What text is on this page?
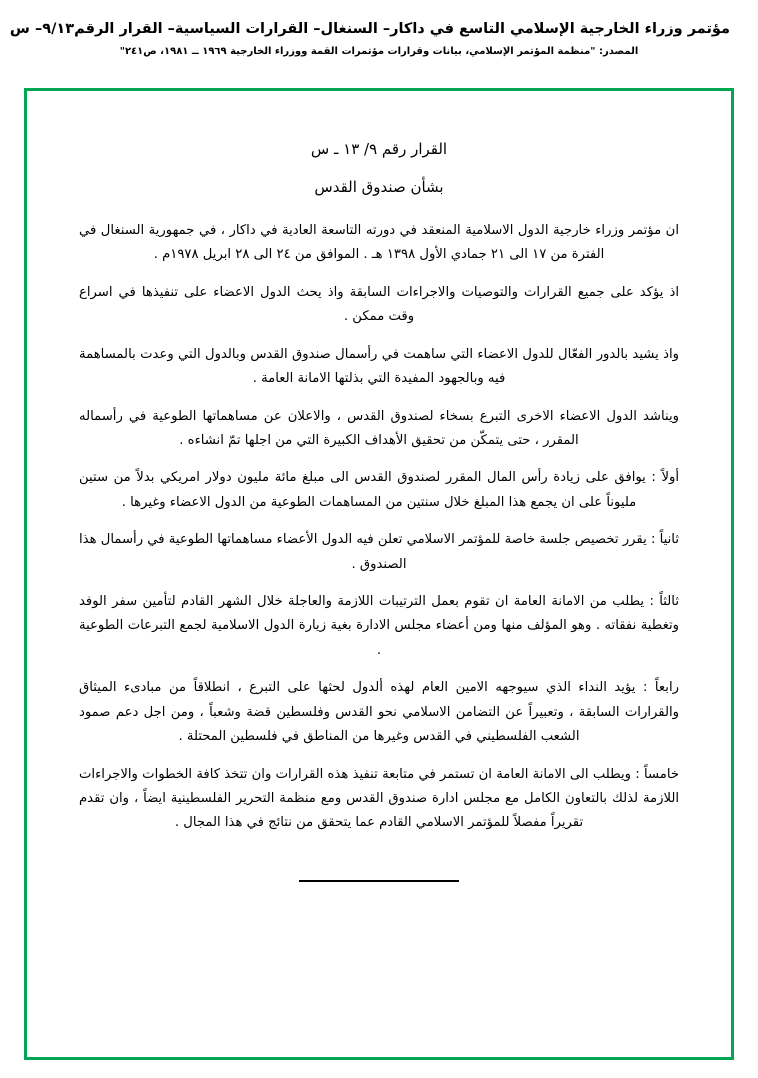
مؤتمر وزراء الخارجية الإسلامي التاسع في داكار– السنغال– القرارات السياسية– القرار الرقم٩/١٣– س
المصدر: "منظمة المؤتمر الإسلامي، بيانات وقرارات مؤتمرات القمة ووزراء الخارجية ١٩٦٩ ــ ١٩٨١، ص٢٤١"
القرار رقم ٩/ ١٣ ـ س
بشأن صندوق القدس

ان مؤتمر وزراء خارجية الدول الاسلامية المنعقد في دورته التاسعة العادية في داكار ، في جمهورية السنغال في الفترة من ١٧ الى ٢١ جمادي الأول ١٣٩٨ هـ . الموافق من ٢٤ الى ٢٨ ابريل ١٩٧٨م .

اذ يؤكد على جميع القرارات والتوصيات والاجراءات السابقة واذ يحث الدول الاعضاء على تنفيذها في اسراع وقت ممكن .

واذ يشيد بالدور الفعّال للدول الاعضاء التي ساهمت في رأسمال صندوق القدس وبالدول التي وعدت بالمساهمة فيه وبالجهود المفيدة التي بذلتها الامانة العامة .

ويناشد الدول الاعضاء الاخرى التبرع بسخاء لصندوق القدس ، والاعلان عن مساهماتها الطوعية في رأسماله المقرر ، حتى يتمكّن من تحقيق الأهداف الكبيرة التي من اجلها تمّ انشاءه .

أولاً : يوافق على زيادة رأس المال المقرر لصندوق القدس الى مبلغ مائة مليون دولار امريكي بدلاً من ستين مليوناً على ان يجمع هذا المبلغ خلال سنتين من المساهمات الطوعية من الدول الاعضاء وغيرها .

ثانياً : يقرر تخصيص جلسة خاصة للمؤتمر الاسلامي تعلن فيه الدول الأعضاء مساهماتها الطوعية في رأسمال هذا الصندوق .

ثالثاً : يطلب من الامانة العامة ان تقوم بعمل الترتيبات اللازمة والعاجلة خلال الشهر القادم لتأمين سفر الوفد وتغطية نفقاته . وهو المؤلف منها ومن أعضاء مجلس الادارة بغية زيارة الدول الاسلامية لجمع التبرعات الطوعية .

رابعاً : يؤيد النداء الذي سيوجهه الامين العام لهذه ألدول لحثها على التبرع ، انطلاقاً من مبادىء الميثاق والقرارات السابقة ، وتعبيراً عن التضامن الاسلامي نحو القدس وفلسطين قضة وشعباً ، ومن اجل دعم صمود الشعب الفلسطيني في القدس وغيرها من المناطق في فلسطين المحتلة .

خامساً : ويطلب الى الامانة العامة ان تستمر في متابعة تنفيذ هذه القرارات وان تتخذ كافة الخطوات والاجراءات اللازمة لذلك بالتعاون الكامل مع مجلس ادارة صندوق القدس ومع منظمة التحرير الفلسطينية ايضاً ، وان تقدم تقريراً مفصلاً للمؤتمر الاسلامي القادم عما يتحقق من نتائج في هذا المجال .
